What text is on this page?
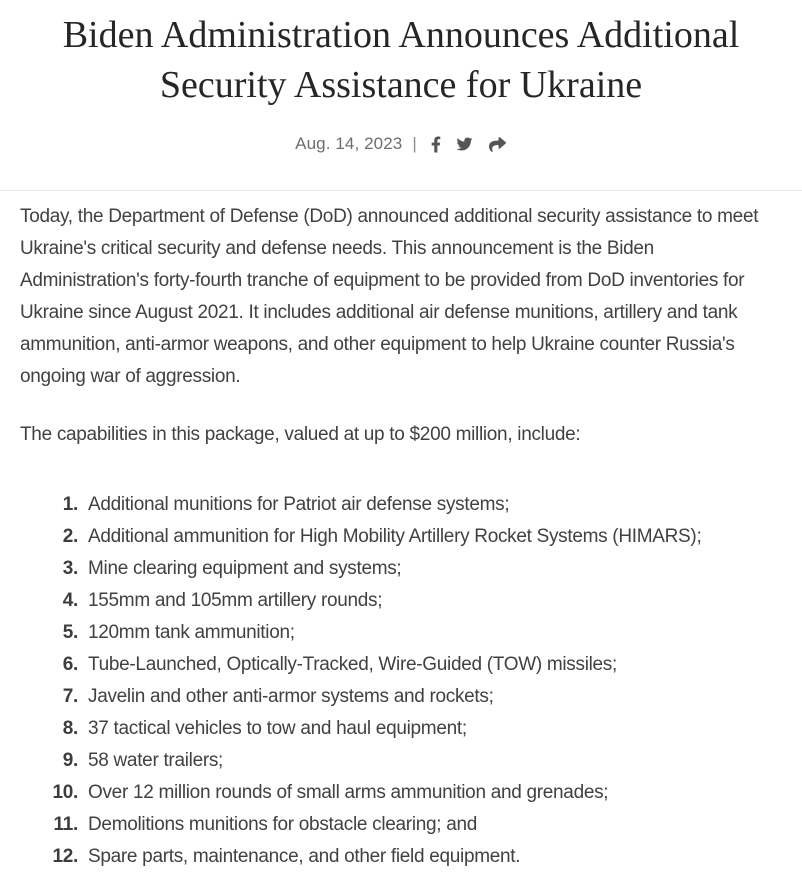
Biden Administration Announces Additional Security Assistance for Ukraine
Aug. 14, 2023 |

Today, the Department of Defense (DoD) announced additional security assistance to meet Ukraine's critical security and defense needs. This announcement is the Biden Administration's forty-fourth tranche of equipment to be provided from DoD inventories for Ukraine since August 2021. It includes additional air defense munitions, artillery and tank ammunition, anti-armor weapons, and other equipment to help Ukraine counter Russia's ongoing war of aggression.

The capabilities in this package, valued at up to $200 million, include:

Additional munitions for Patriot air defense systems;
Additional ammunition for High Mobility Artillery Rocket Systems (HIMARS);
Mine clearing equipment and systems;
155mm and 105mm artillery rounds;
120mm tank ammunition;
Tube-Launched, Optically-Tracked, Wire-Guided (TOW) missiles;
Javelin and other anti-armor systems and rockets;
37 tactical vehicles to tow and haul equipment;
58 water trailers;
Over 12 million rounds of small arms ammunition and grenades;
Demolitions munitions for obstacle clearing; and
Spare parts, maintenance, and other field equipment.
